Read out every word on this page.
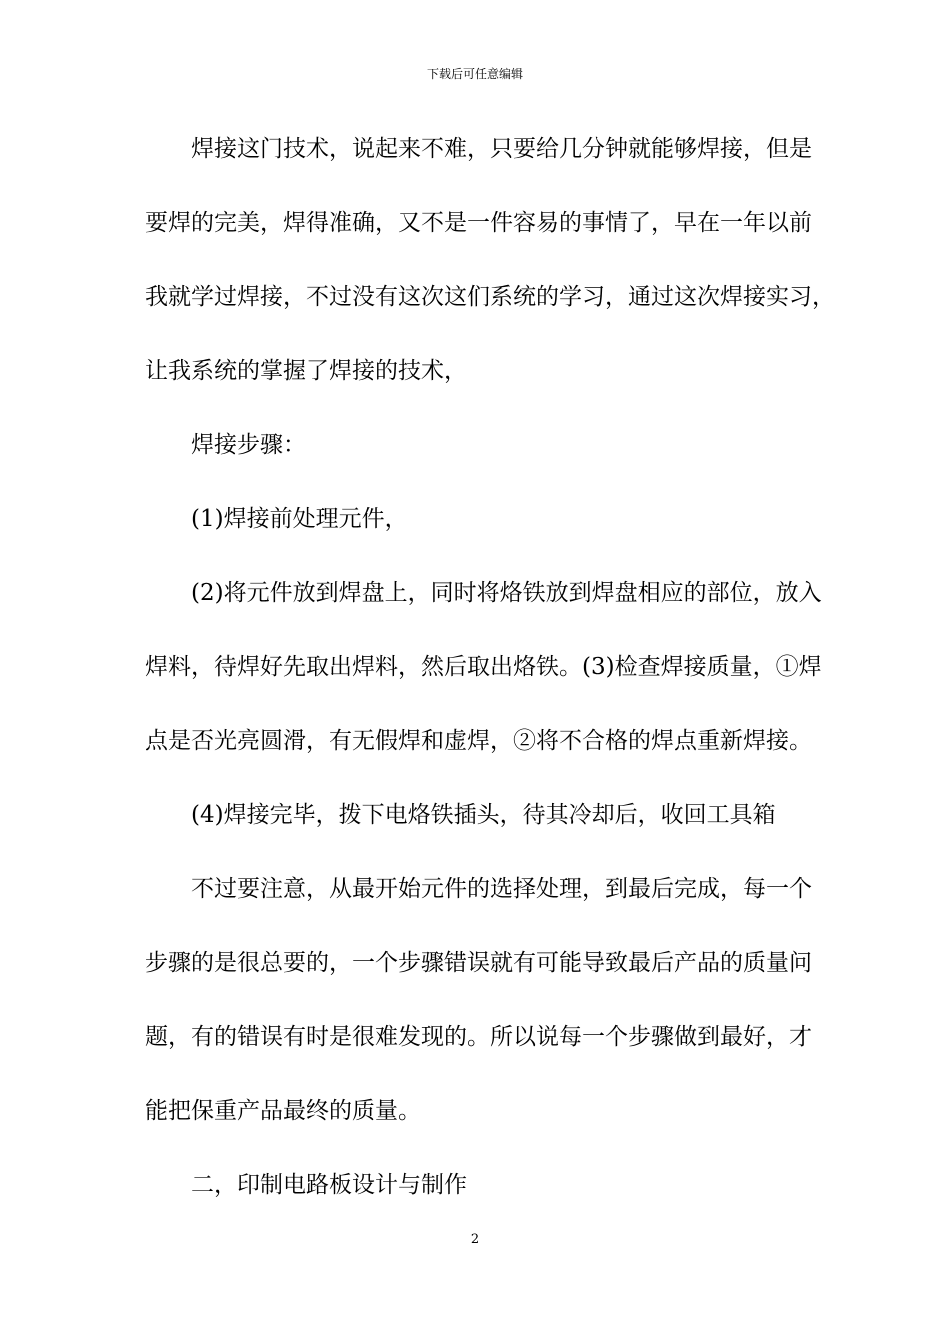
下载后可任意编辑
焊接这门技术，说起来不难，只要给几分钟就能够焊接，但是
要焊的完美，焊得准确，又不是一件容易的事情了，早在一年以前
我就学过焊接，不过没有这次这们系统的学习，通过这次焊接实习，
让我系统的掌握了焊接的技术，
焊接步骤：
(1)焊接前处理元件，
(2)将元件放到焊盘上，同时将烙铁放到焊盘相应的部位，放入
焊料，待焊好先取出焊料，然后取出烙铁。(3)检查焊接质量，①焊
点是否光亮圆滑，有无假焊和虚焊，②将不合格的焊点重新焊接。
(4)焊接完毕，拨下电烙铁插头，待其冷却后，收回工具箱
不过要注意，从最开始元件的选择处理，到最后完成，每一个
步骤的是很总要的，一个步骤错误就有可能导致最后产品的质量问
题，有的错误有时是很难发现的。所以说每一个步骤做到最好，才
能把保重产品最终的质量。
二，印制电路板设计与制作
2
